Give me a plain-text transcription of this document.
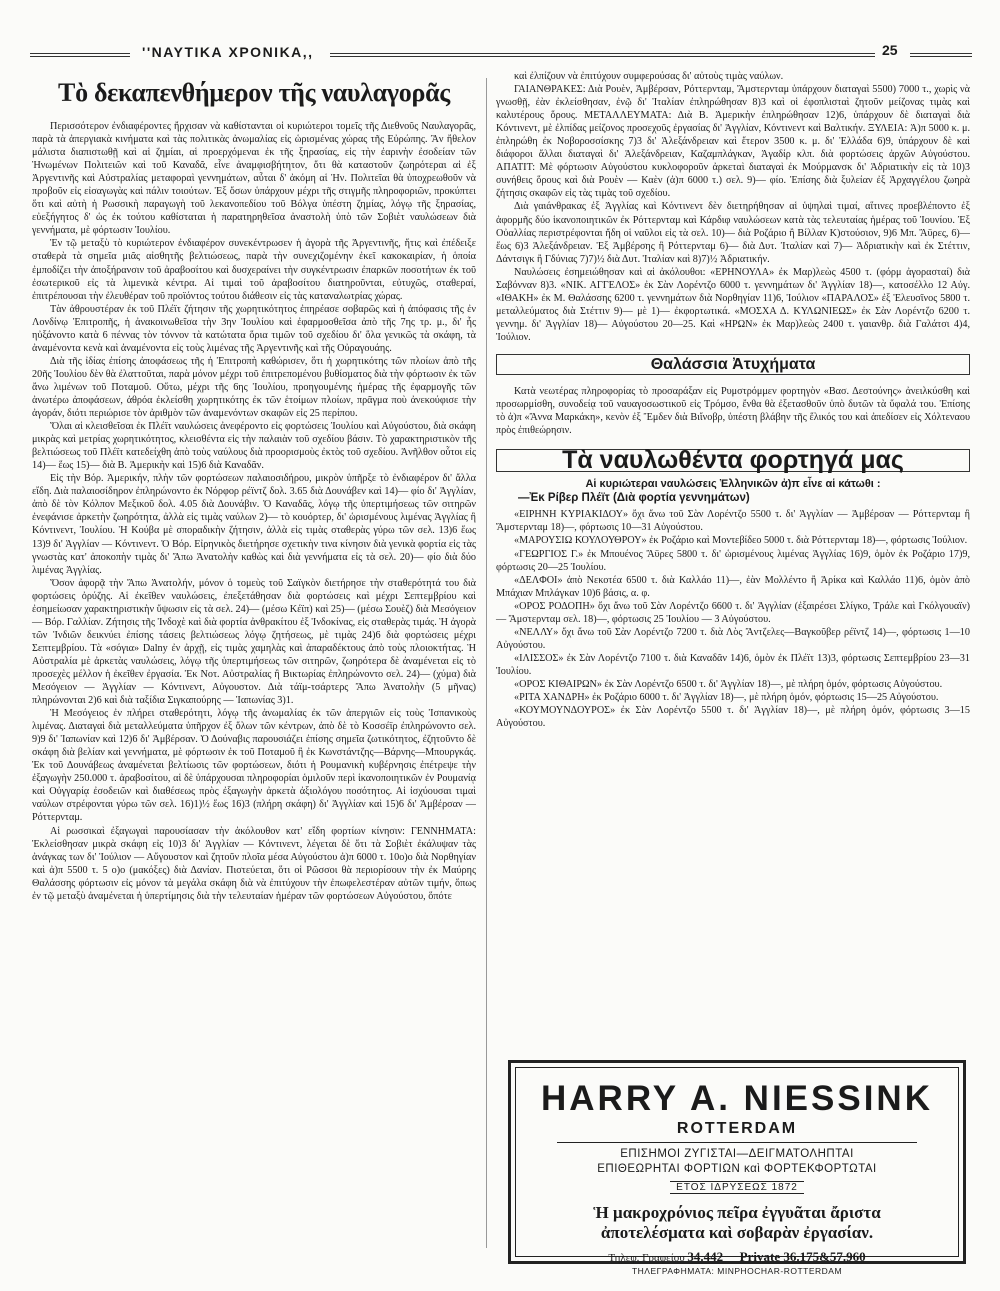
''ΝΑΥΤΙΚΑ ΧΡΟΝΙΚΑ,,	25
Τὸ δεκαπενθήμερον τῆς ναυλαγορᾶς

Περισσότερον ἐνδιαφέροντες ἤρχισαν νὰ καθίστανται οἱ κυριώτεροι τομεῖς τῆς Διεθνοῦς Ναυλαγορᾶς, παρὰ τὰ ἀπεργιακὰ κινήματα καὶ τὰς πολιτικὰς ἀνωμαλίας εἰς ὡρισμένας χώρας τῆς Εὐρώπης. Ἂν ἤθελον μάλιστα διαπιστωθῇ καὶ αἱ ζημίαι, αἱ προερχόμεναι ἐκ τῆς ξηρασίας, εἰς τὴν ἐαρινὴν ἐσοδείαν τῶν Ἡνωμένων Πολιτειῶν καὶ τοῦ Καναδᾶ, εἶνε ἀναμφισβήτητον, ὅτι θὰ καταστοῦν ζωηρότεραι αἱ ἐξ Ἀργεντινῆς καὶ Αὐστραλίας μεταφοραὶ γεννημάτων, αὗται δ' ἀκόμη αἱ Ἠν. Πολιτεῖαι θὰ ὑποχρεωθοῦν νὰ προβοῦν εἰς εἰσαγωγὰς καὶ πάλιν τοιούτων. Ἐξ ὅσων ὑπάρχουν μέχρι τῆς στιγμῆς πληροφοριῶν, προκύπτει ὅτι καὶ αὐτὴ ἡ Ρωσσικὴ παραγωγὴ τοῦ λεκανοπεδίου τοῦ Βόλγα ὑπέστη ζημίας, λόγῳ τῆς ξηρασίας, εὐεξήγητος δ' ὡς ἐκ τούτου καθίσταται ἡ παρατηρηθεῖσα ἀναστολὴ ὑπὸ τῶν Σοβιὲτ ναυλώσεων διὰ γεννήματα, μὲ φόρτωσιν Ἰουλίου.

Ἐν τῷ μεταξὺ τὸ κυριώτερον ἐνδιαφέρον συνεκέντρωσεν ἡ ἀγορὰ τῆς Ἀργεντινῆς, ἥτις καὶ ἐπέδειξε σταθερὰ τὰ σημεῖα μιᾶς αἰσθητῆς βελτιώσεως, παρὰ τὴν συνεχιζομένην ἐκεῖ κακοκαιρίαν, ἡ ὁποία ἐμποδίζει τὴν ἀποξήρανσιν τοῦ ἀραβοσίτου καὶ δυσχεραίνει τὴν συγκέντρωσιν ἐπαρκῶν ποσοτήτων ἐκ τοῦ ἐσωτερικοῦ εἰς τὰ λιμενικὰ κέντρα. Αἱ τιμαὶ τοῦ ἀραβοσίτου διατηροῦνται, εὐτυχῶς, σταθεραί, ἐπιτρέπουσαι τὴν ἐλευθέραν τοῦ προϊόντος τούτου διάθεσιν εἰς τὰς καταναλωτρίας χώρας.

Τὰν ἀθρουστέραν ἐκ τοῦ Πλέϊτ ζήτησιν τῆς χωρητικότητος ἐπηρέασε σοβαρῶς καὶ ἡ ἀπόφασις τῆς ἐν Λονδίνῳ Ἐπιτροπῆς, ἡ ἀνακοινωθεῖσα τὴν 3ην Ἰουλίου καὶ ἐφαρμοσθεῖσα ἀπὸ τῆς 7ης τρ. μ., δι' ἧς ηὐξάνοντο κατὰ 6 πέννας τὸν τόννον τὰ κατώτατα ὅρια τιμῶν τοῦ σχεδίου δι' ὅλα γενικῶς τὰ σκάφη, τὰ ἀναμένοντα κενὰ καὶ ἀναμένοντα εἰς τοὺς λιμένας τῆς Ἀργεντινῆς καὶ τῆς Οὐραγουάης.

Διὰ τῆς ἰδίας ἐπίσης ἀποφάσεως τῆς ἡ Ἐπιτροπὴ καθώρισεν, ὅτι ἡ χωρητικότης τῶν πλοίων ἀπὸ τῆς 20ῆς Ἰουλίου δὲν θὰ ἐλαττοῦται, παρὰ μόνον μέχρι τοῦ ἐπιτρεπομένου βυθίσματος διὰ τὴν φόρτωσιν ἐκ τῶν ἄνω λιμένων τοῦ Ποταμοῦ. Οὕτω, μέχρι τῆς 6ης Ἰουλίου, προηγουμένης ἡμέρας τῆς ἐφαρμογῆς τῶν ἀνωτέρω ἀποφάσεων, ἀθρόα ἐκλείσθη χωρητικότης ἐκ τῶν ἑτοίμων πλοίων, πρᾶγμα ποὺ ἀνεκούφισε τὴν ἀγοράν, διότι περιώρισε τὸν ἀριθμὸν τῶν ἀναμενόντων σκαφῶν εἰς 25 περίπου.

Ὅλαι αἱ κλεισθεῖσαι ἐκ Πλέϊτ ναυλώσεις ἀνεφέροντο εἰς φορτώσεις Ἰουλίου καὶ Αὐγούστου, διὰ σκάφη μικρὰς καὶ μετρίας χωρητικότητος, κλεισθέντα εἰς τὴν παλαιὰν τοῦ σχεδίου βάσιν. Τὸ χαρακτηριστικὸν τῆς βελτιώσεως τοῦ Πλέϊτ κατεδείχθη ἀπὸ τοὺς ναύλους διὰ προορισμοὺς ἐκτὸς τοῦ σχεδίου. Ἀνῆλθον οὗτοι εἰς 14)— ἕως 15)— διὰ Β. Ἀμερικὴν καὶ 15)6 διὰ Καναδᾶν.

Εἰς τὴν Βόρ. Ἀμερικήν, πλὴν τῶν φορτώσεων παλαιοσιδήρου, μικρὸν ὑπῆρξε τὸ ἐνδιαφέρον δι' ἄλλα εἴδη. Διὰ παλαιοσίδηρον ἐπληρώνοντο ἐκ Νόρφορ ρέϊντζ δολ. 3.65 διὰ Δουνάβεν καὶ 14)— φίο δι' Ἀγγλίαν, ἀπὸ δὲ τὸν Κόλπον Μεξικοῦ δολ. 4.05 διὰ Δουνάβιν. Ὁ Καναδᾶς, λόγῳ τῆς ὑπερτιμήσεως τῶν σιτηρῶν ἐνεφάνισε ἀρκετὴν ζωηρότητα, ἀλλὰ εἰς τιμὰς ναύλων 2)— τὸ κουόρτερ, δι' ὡρισμένους λιμένας Ἀγγλίας ἢ Κόντινεντ, Ἰουλίου. Ἡ Κούβα μὲ σποραδικὴν ζήτησιν, ἀλλὰ εἰς τιμὰς σταθερὰς γύρω τῶν σελ. 13)6 ἕως 13)9 δι' Ἀγγλίαν — Κόντινεντ. Ὁ Βόρ. Εἰρηνικὸς διετήρησε σχετικὴν τινα κίνησιν διὰ γενικὰ φορτία εἰς τὰς γνωστὰς κατ' ἀποκοπὴν τιμὰς δι' Ἄπω Ἀνατολὴν καθὼς καὶ διὰ γεννήματα εἰς τὰ σελ. 20)— φίο διὰ δύο λιμένας Ἀγγλίας.

Ὅσον ἀφορᾷ τὴν Ἄπω Ἀνατολήν, μόνον ὁ τομεὺς τοῦ Σαϊγκὸν διετήρησε τὴν σταθερότητά του διὰ φορτώσεις ὀρύζης. Αἱ ἐκεῖθεν ναυλώσεις, ἐπεξετάθησαν διὰ φορτώσεις καὶ μέχρι Σεπτεμβρίου καὶ ἐσημείωσαν χαρακτηριστικὴν ὕψωσιν εἰς τὰ σελ. 24)— (μέσω Κέϊπ) καὶ 25)— (μέσω Σουὲζ) διὰ Μεσόγειον — Βόρ. Γαλλίαν. Ζήτησις τῆς Ἰνδοχὲ καὶ διὰ φορτία ἀνθρακίτου ἐξ Ἰνδοκίνας, εἰς σταθερὰς τιμάς. Ἡ ἀγορὰ τῶν Ἰνδιῶν δεικνύει ἐπίσης τάσεις βελτιώσεως λόγῳ ζητήσεως, μὲ τιμὰς 24)6 διὰ φορτώσεις μέχρι Σεπτεμβρίου. Τὰ «σόγια» Dalny ἐν ἀρχῇ, εἰς τιμὰς χαμηλὰς καὶ ἀπαραδέκτους ἀπὸ τοὺς πλοιοκτήτας. Ἡ Αὐστραλία μὲ ἀρκετὰς ναυλώσεις, λόγῳ τῆς ὑπερτιμήσεως τῶν σιτηρῶν, ζωηρότερα δὲ ἀναμένεται εἰς τὸ προσεχὲς μέλλον ἡ ἐκεῖθεν ἐργασία. Ἐκ Νοτ. Αὐστραλίας ἢ Βικτωρίας ἐπληρώνοντο σελ. 24)— (χύμα) διὰ Μεσόγειον — Ἀγγλίαν — Κόντινεντ, Αὐγουστον. Διὰ τάϊμ-τσάρτερς Ἄπω Ἀνατολὴν (5 μῆνας) πληρώνονται 2)6 καὶ διὰ ταξίδια Σιγκαπούρης — Ἰαπωνίας 3)1.

Ἡ Μεσόγειος ἐν πλήρει σταθερότητι, λόγῳ τῆς ἀνωμαλίας ἐκ τῶν ἀπεργιῶν εἰς τοὺς Ἰσπανικοὺς λιμένας. Διαταγαὶ διὰ μεταλλεύματα ὑπῆρχον ἐξ ὅλων τῶν κέντρων, ἀπὸ δὲ τὸ Κοσσέϊρ ἐπληρώνοντο σελ. 9)9 δι' Ἰαπωνίαν καὶ 12)6 δι' Ἀμβέρσαν. Ὁ Δούναβις παρουσιάζει ἐπίσης σημεῖα ζωτικότητος, ἐζητοῦντο δὲ σκάφη διὰ βελίαν καὶ γεννήματα, μὲ φόρτωσιν ἐκ τοῦ Ποταμοῦ ἢ ἐκ Κωνστάντζης—Βάρνης—Μπουργκάς. Ἐκ τοῦ Δουνάβεως ἀναμένεται βελτίωσις τῶν φορτώσεων, διότι ἡ Ρουμανικὴ κυβέρνησις ἐπέτρεψε τὴν ἐξαγωγὴν 250.000 τ. ἀραβοσίτου, αἱ δὲ ὑπάρχουσαι πληροφορίαι ὁμιλοῦν περὶ ἱκανοποιητικῶν ἐν Ρουμανίᾳ καὶ Οὐγγαρίᾳ ἐσοδειῶν καὶ διαθέσεως πρὸς ἐξαγωγὴν ἀρκετὰ ἀξιολόγου ποσότητος. Αἱ ἰσχύουσαι τιμαὶ ναύλων στρέφονται γύρω τῶν σελ. 16)1)½ ἕως 16)3 (πλήρη σκάφη) δι' Ἀγγλίαν καὶ 15)6 δι' Ἀμβέρσαν — Ρόττερνταμ.

Αἱ ρωσσικαὶ ἐξαγωγαὶ παρουσίασαν τὴν ἀκόλουθον κατ' εἴδη φορτίων κίνησιν: ΓΕΝΝΗΜΑΤΑ: Ἐκλείσθησαν μικρὰ σκάφη εἰς 10)3 δι' Ἀγγλίαν — Κόντινεντ, λέγεται δὲ ὅτι τὰ Σοβιὲτ ἐκάλυψαν τὰς ἀνάγκας των δι' Ἰούλιον — Αὔγουστον καὶ ζητοῦν πλοῖα μέσα Αὐγούστου ἀ)π 6000 τ. 10ο)ο διὰ Νορθηγίαν καὶ ἀ)π 5500 τ. 5 ο)ο (μακόξες) διὰ Δανίαν. Πιστεύεται, ὅτι οἱ Ρῶσσοι θὰ περιορίσουν τὴν ἐκ Μαύρης Θαλάσσης φόρτωσιν εἰς μόνον τὰ μεγάλα σκάφη διὰ νὰ ἐπιτύχουν τὴν ἐπωφελεστέραν αὐτῶν τιμήν, ὅπως ἐν τῷ μεταξὺ ἀναμένεται ἡ ὑπερτίμησις διὰ τὴν τελευταίαν ἡμέραν τῶν φορτώσεων Αὐγούστου, ὅπότε

καὶ ἐλπίζουν νὰ ἐπιτύχουν συμφερούσας δι' αὐτοὺς τιμὰς ναύλων.

ΓΑΙΑΝΘΡΑΚΕΣ: Διὰ Ρουὲν, Ἀμβέρσαν, Ρόττερνταμ, Ἄμστερνταμ ὑπάρχουν διαταγαὶ 5500) 7000 τ., χωρὶς νὰ γνωσθῇ, ἐὰν ἐκλείσθησαν, ἐνῷ δι' Ἰταλίαν ἐπληρώθησαν 8)3 καὶ οἱ ἐφοπλισταὶ ζητοῦν μείζονας τιμὰς καὶ καλυτέρους ὅρους. ΜΕΤΑΛΛΕΥΜΑΤΑ: Διὰ Β. Ἀμερικὴν ἐπληρώθησαν 12)6, ὑπάρχουν δὲ διαταγαὶ διὰ Κόντινεντ, μὲ ἐλπίδας μείζονος προσεχοῦς ἐργασίας δι' Ἀγγλίαν, Κόντινεντ καὶ Βαλτικήν. ΞΥΛΕΙΑ: Ἀ)π 5000 κ. μ. ἐπληρώθη ἐκ Νοβοροσσίσκης 7)3 δι' Ἀλεξάνδρειαν καὶ ἕτερον 3500 κ. μ. δι' Ἑλλάδα 6)9, ὑπάρχουν δὲ καὶ διάφοροι ἄλλαι διαταγαὶ δι' Ἀλεξάνδρειαν, Καζαμπλάγκαν, Ἀγαδίρ κλπ. διὰ φορτώσεις ἀρχῶν Αὐγούστου. ΑΠΑΤΙΤ: Μὲ φόρτωσιν Αὐγούστου κυκλοφοροῦν ἀρκεταὶ διαταγαὶ ἐκ Μούρμανσκ δι' Ἀδριατικὴν εἰς τὰ 10)3 συνήθεις ὅρους καὶ διὰ Ρουὲν — Καὲν (ἀ)π 6000 τ.) σελ. 9)— φίο. Ἐπίσης διὰ ξυλείαν ἐξ Ἀρχαγγέλου ζωηρὰ ζήτησις σκαφῶν εἰς τὰς τιμὰς τοῦ σχεδίου.

Διὰ γαιάνθρακας ἐξ Ἀγγλίας καὶ Κόντινεντ δὲν διετηρήθησαν αἱ ὑψηλαὶ τιμαί, αἵτινες προεβλέποντο ἐξ ἀφορμῆς δύο ἱκανοποιητικῶν ἐκ Ρόττερνταμ καὶ Κάρδιφ ναυλώσεων κατὰ τὰς τελευταίας ἡμέρας τοῦ Ἰουνίου. Ἐξ Οὐαλλίας περιστρέφονται ἤδη οἱ ναῦλοι εἰς τὰ σελ. 10)— διὰ Ροζάριο ἢ Βίλλαν Κ)στούσιον, 9)6 Μπ. Ἄϋρες, 6)— ἕως 6)3 Ἀλεξάνδρειαν. Ἐξ Ἀμβέρσης ἢ Ρόττερνταμ 6)— διὰ Δυτ. Ἰταλίαν καὶ 7)— Ἀδριατικὴν καὶ ἐκ Στέττιν, Δάντσιγκ ἢ Γδύνιας 7)7)½ διὰ Δυτ. Ἰταλίαν καὶ 8)7)½ Ἀδριατικήν.

Ναυλώσεις ἐσημειώθησαν καὶ αἱ ἀκόλουθοι: «ΕΡΗΝΟΥΛΑ» ἐκ Μαρ)λεὼς 4500 τ. (φόρμ ἀγορασταί) διὰ Σαβόνναν 8)3. «ΝΙΚ. ΑΓΓΕΛΟΣ» ἐκ Σὰν Λορέντζο 6000 τ. γεννημάτων δι' Ἀγγλίαν 18)—, κατοσέλλο 12 Αὐγ. «ΙΘΑΚΗ» ἐκ Μ. Θαλάσσης 6200 τ. γεννημάτων διὰ Νορθηγίαν 11)6, Ἰούλιον «ΠΑΡΑΛΟΣ» ἐξ Ἐλευσῖνος 5800 τ. μεταλλεύματος διὰ Στέττιν 9)— μὲ 1)— ἐκφορτωτικά. «ΜΟΣΧΑ Δ. ΚΥΛΩΝΙΕΩΣ» ἐκ Σὰν Λορέντζο 6200 τ. γεννημ. δι' Ἀγγλίαν 18)— Αὐγούστου 20—25. Καὶ «ΗΡΩΝ» ἐκ Μαρ)λεὼς 2400 τ. γαιανθρ. διὰ Γαλάτσι 4)4, Ἰούλιον.

Θαλάσσια Ἀτυχήματα

Κατὰ νεωτέρας πληροφορίας τὸ προσαράξαν εἰς Ρυμστρόμμεν φορτηγὸν «Βασ. Δεστούνης» ἀνειλκύσθη καὶ προσωρμίσθη, συνοδείᾳ τοῦ ναυαγοσωστικοῦ εἰς Τρόμσο, ἔνθα θὰ ἐξετασθοῦν ὑπὸ δυτῶν τὰ ὕφαλά του. Ἐπίσης τὸ ἀ)π «Ἄννα Μαρκάκη», κενὸν ἐξ Ἔμδεν διὰ Βιἴνοβρ, ὑπέστη βλάβην τῆς ἕλικός του καὶ ἀπεδίσεν εἰς Χόλτεναου πρὸς ἐπιθεώρησιν.

Τὰ ναυλωθέντα φορτηγά μας
Αἱ κυριώτεραι ναυλώσεις Ἑλληνικῶν ἀ)π εἶνε αἱ κάτωθι :
—Ἐκ Ρίβερ Πλέϊτ (Διὰ φορτία γεννημάτων)

«ΕΙΡΗΝΗ ΚΥΡΙΑΚΙΔΟΥ» ὄχι ἄνω τοῦ Σὰν Λορέντζο 5500 τ. δι' Ἀγγλίαν — Ἀμβέρσαν — Ρόττερνταμ ἢ Ἄμστερνταμ 18)—, φόρτωσις 10—31 Αὐγούστου.

«ΜΑΡΟΥΣΙΩ ΚΟΥΛΟΥΘΡΟΥ» ἐκ Ροζάριο καὶ Μοντεβίδεο 5000 τ. διὰ Ρόττερνταμ 18)—, φόρτωσις Ἰούλιον.

«ΓΕΩΡΓΙΟΣ Γ.» ἐκ Μπουένος Ἄϋρες 5800 τ. δι' ὡρισμένους λιμένας Ἀγγλίας 16)9, ὁμὸν ἐκ Ροζάριο 17)9, φόρτωσις 20—25 Ἰουλίου.

«ΔΕΛΦΟΙ» ἀπὸ Νεκοτέα 6500 τ. διὰ Καλλάο 11)—, ἐὰν Μολλέντο ἢ Ἀρίκα καὶ Καλλάο 11)6, ὁμὸν ἀπὸ Μπάχιαν Μπλάγκαν 10)6 βάσις, α. φ.

«ΟΡΟΣ ΡΟΔΟΠΗ» ὄχι ἄνω τοῦ Σὰν Λορέντζο 6600 τ. δι' Ἀγγλίαν (ἐξαιρέσει Σλίγκο, Τράλε καὶ Γκόλγουαϊν) — Ἄμστερνταμ σελ. 18)—, φόρτωσις 25 Ἰουλίου — 3 Αὐγούστου.

«ΝΕΛΛΥ» ὄχι ἄνω τοῦ Σὰν Λορέντζο 7200 τ. διὰ Λὸς Ἄντζελες—Βαγκοῦβερ ρέϊντζ 14)—, φόρτωσις 1—10 Αὐγούστου.

«ΙΛΙΣΣΟΣ» ἐκ Σὰν Λορέντζο 7100 τ. διὰ Καναδᾶν 14)6, ὁμὸν ἐκ Πλέϊτ 13)3, φόρτωσις Σεπτεμβρίου 23—31 Ἰουλίου.

«ΟΡΟΣ ΚΙΘΑΙΡΩΝ» ἐκ Σὰν Λορέντζο 6500 τ. δι' Ἀγγλίαν 18)—, μὲ πλήρη ὁμόν, φόρτωσις Αὐγούστου.

«ΡΙΤΑ ΧΑΝΔΡΗ» ἐκ Ροζάριο 6000 τ. δι' Ἀγγλίαν 18)—, μὲ πλήρη ὁμόν, φόρτωσις 15—25 Αὐγούστου.

«ΚΟΥΜΟΥΝΔΟΥΡΟΣ» ἐκ Σὰν Λορέντζο 5500 τ. δι' Ἀγγλίαν 18)—, μὲ πλήρη ὁμόν, φόρτωσις 3—15 Αὐγούστου.

HARRY A. NIESSINK
ROTTERDAM
ΕΠΙΣΗΜΟΙ ΖΥΓΙΣΤΑΙ—ΔΕΙΓΜΑΤΟΛΗΠΤΑΙ
ΕΠΙΘΕΩΡΗΤΑΙ ΦΟΡΤΙΩΝ καὶ ΦΟΡΤΕΚΦΟΡΤΩΤΑΙ
ΕΤΟΣ ΙΔΡΥΣΕΩΣ 1872
Ἡ μακροχρόνιος πεῖρα ἐγγυᾶται ἄριστα
ἀποτελέσματα καὶ σοβαρὰν ἐργασίαν.
Τηλεφ. Γραφείου 34.442 Private 36.175&57.960
ΤΗΛΕΓΡΑΦΗΜΑΤΑ: MINPHOCHAR-ROTTERDAM
